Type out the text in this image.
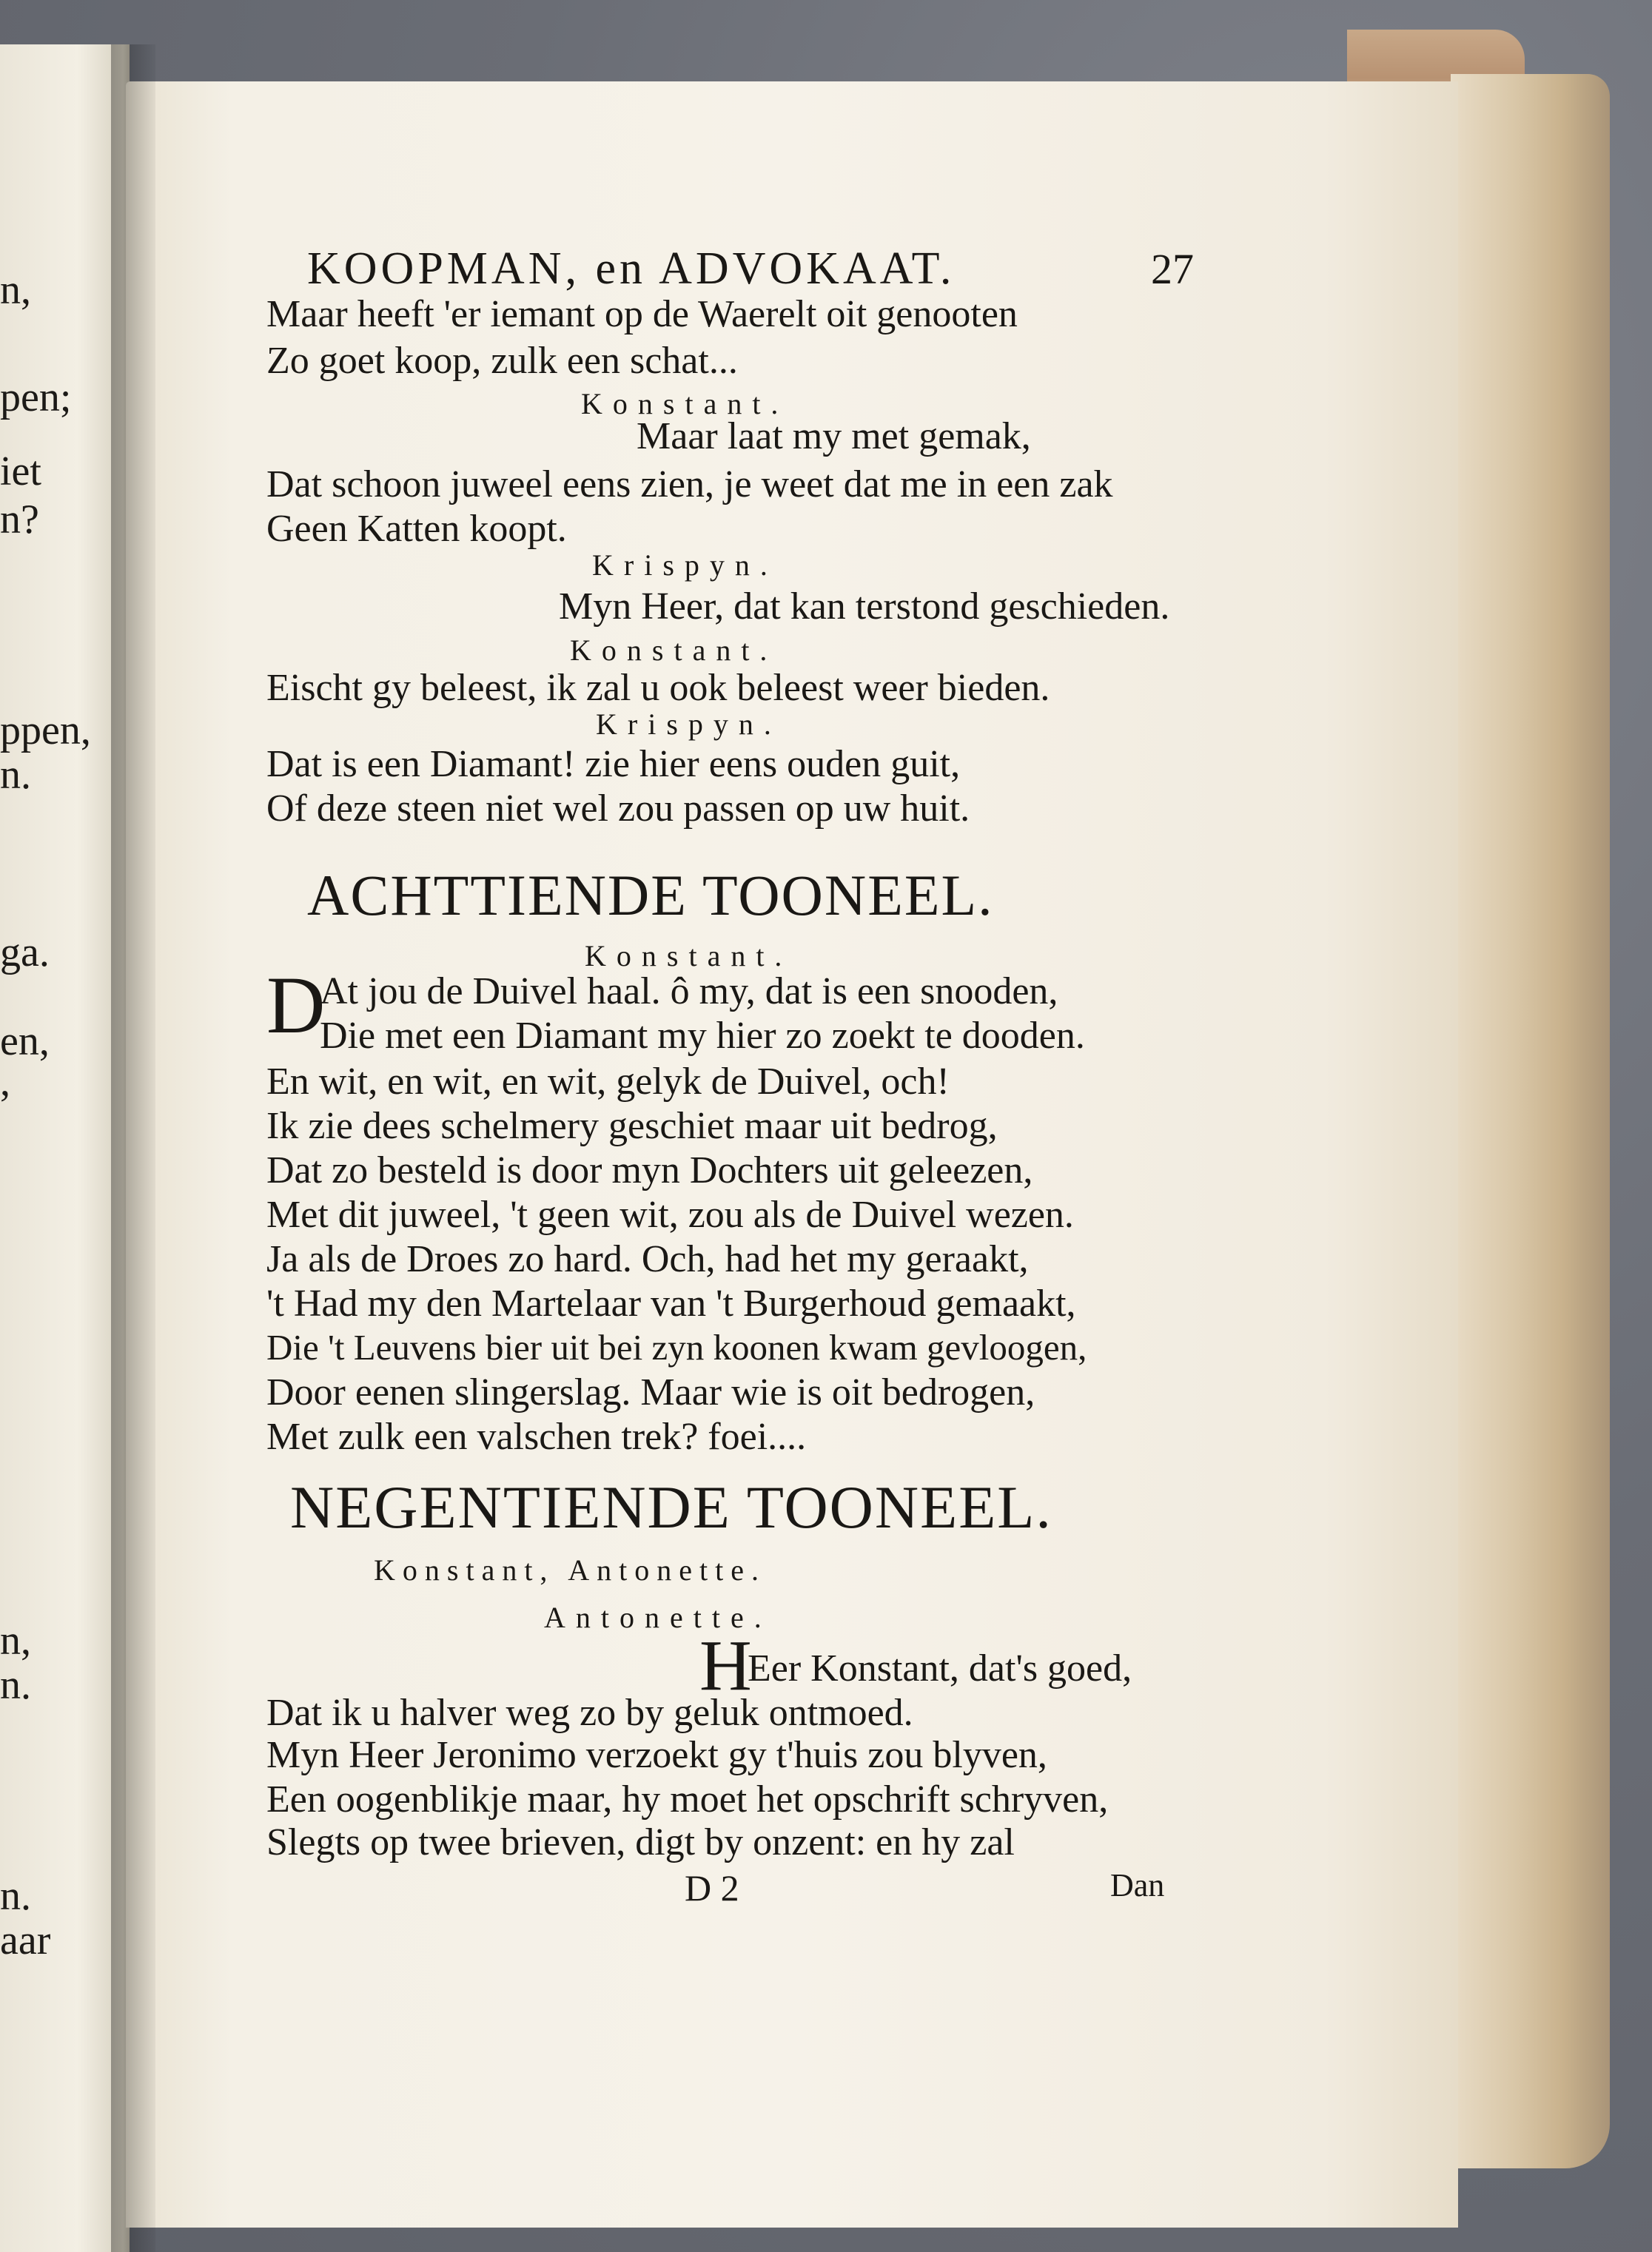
n,
pen;
iet
n?
ppen,
n.
ga.
en,
,
n,
n.
n.
aar
KOOPMAN, en ADVOKAAT.	27
Maar heeft 'er iemant op de Waerelt oit genooten
Zo goet koop, zulk een schat...
Konstant.
Maar laat my met gemak,
Dat schoon juweel eens zien, je weet dat me in een zak
Geen Katten koopt.
Krispyn.
Myn Heer, dat kan terstond geschieden.
Konstant.
Eischt gy beleest, ik zal u ook beleest weer bieden.
Krispyn.
Dat is een Diamant! zie hier eens ouden guit,
Of deze steen niet wel zou passen op uw huit.
ACHTTIENDE TOONEEL.
Konstant.
D
At jou de Duivel haal. ô my, dat is een snooden,
Die met een Diamant my hier zo zoekt te dooden.
En wit, en wit, en wit, gelyk de Duivel, och!
Ik zie dees schelmery geschiet maar uit bedrog,
Dat zo besteld is door myn Dochters uit geleezen,
Met dit juweel, 't geen wit, zou als de Duivel wezen.
Ja als de Droes zo hard. Och, had het my geraakt,
't Had my den Martelaar van 't Burgerhoud gemaakt,
Die 't Leuvens bier uit bei zyn koonen kwam gevloogen,
Door eenen slingerslag. Maar wie is oit bedrogen,
Met zulk een valschen trek? foei....
NEGENTIENDE TOONEEL.
Konstant, Antonette.
Antonette.
H
Eer Konstant, dat's goed,
Dat ik u halver weg zo by geluk ontmoed.
Myn Heer Jeronimo verzoekt gy t'huis zou blyven,
Een oogenblikje maar, hy moet het opschrift schryven,
Slegts op twee brieven, digt by onzent: en hy zal
D 2	Dan
